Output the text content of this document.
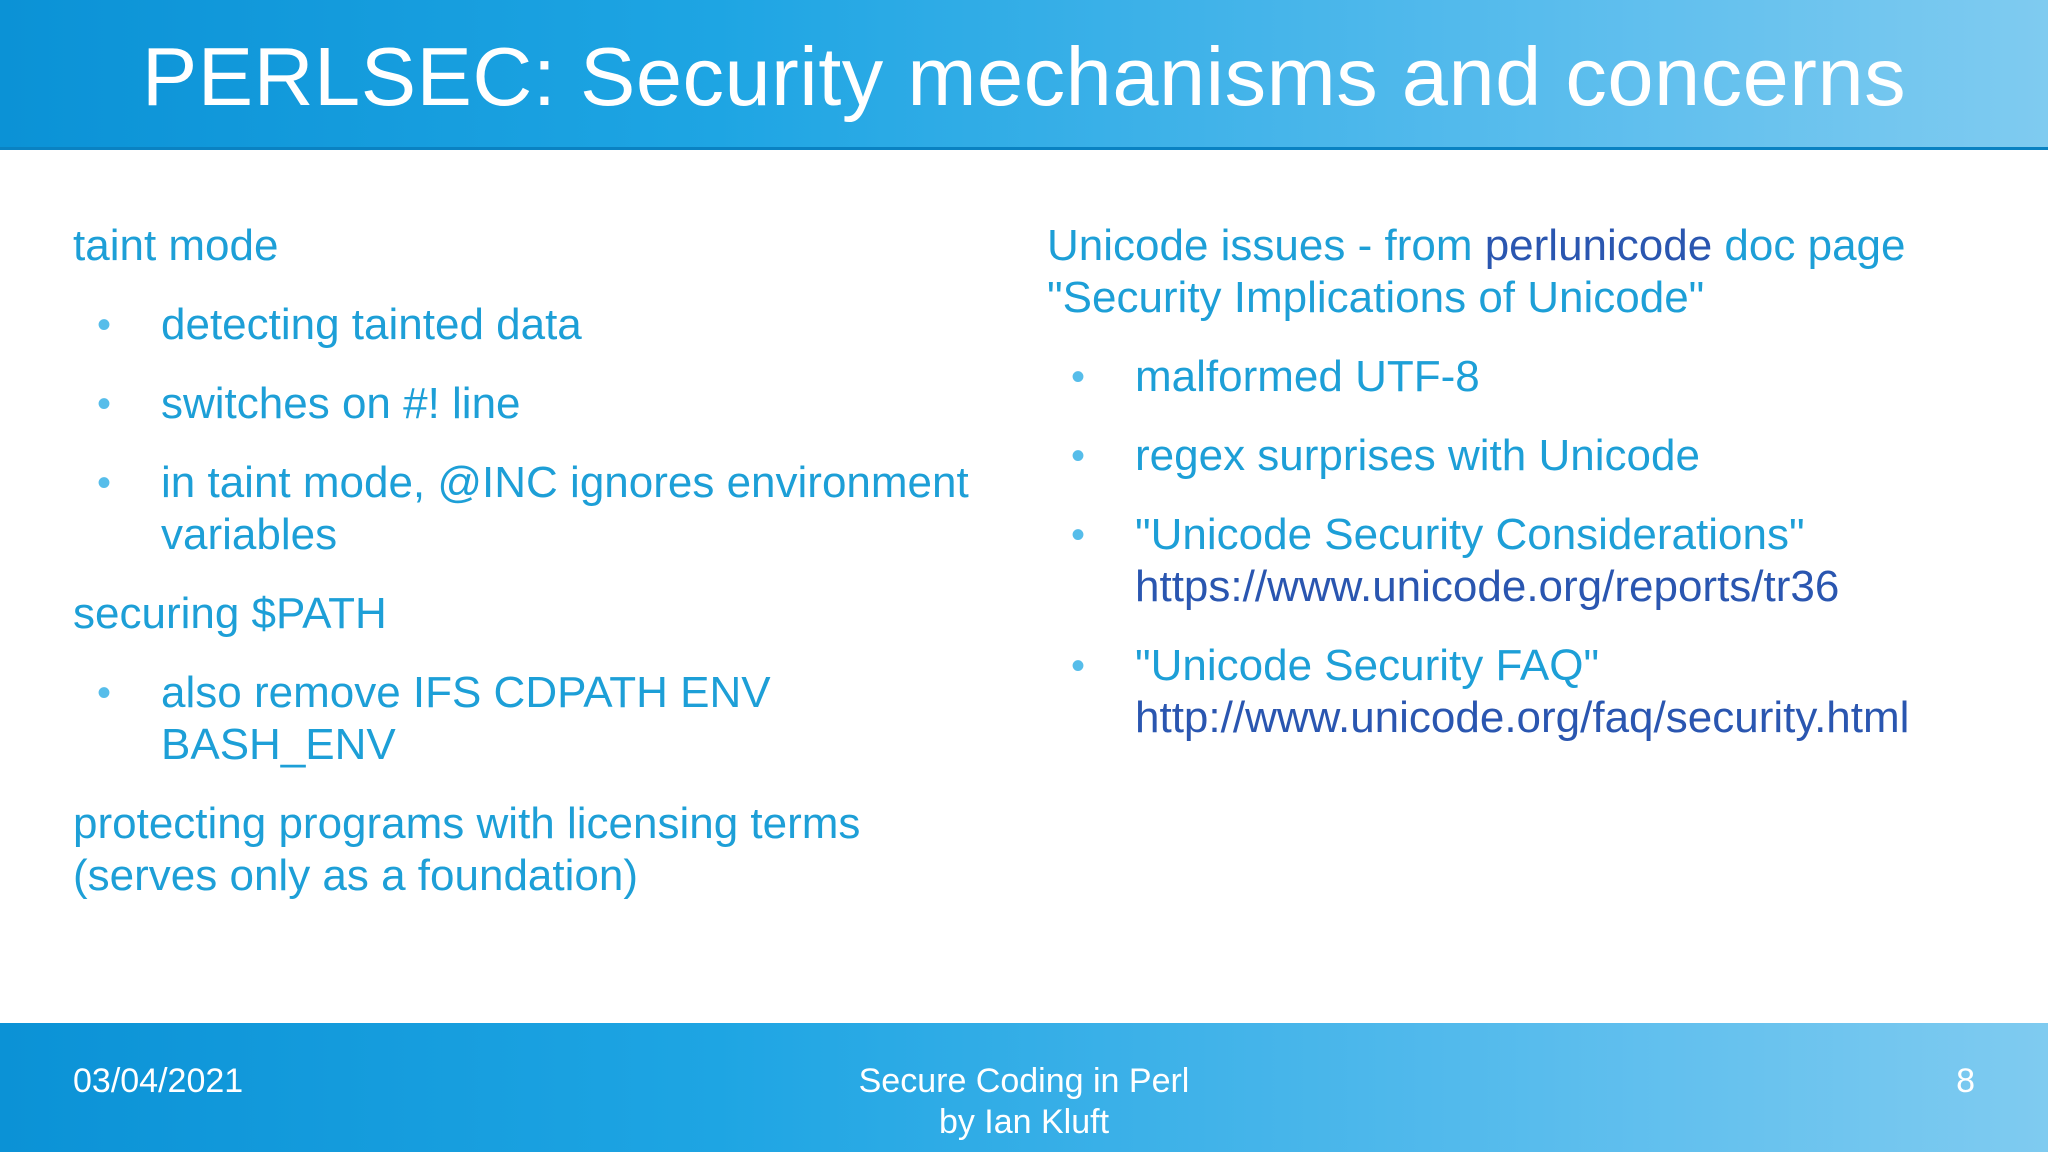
PERLSEC: Security mechanisms and concerns

taint mode

• detecting tainted data
• switches on #! line
• in taint mode, @INC ignores environment variables

securing $PATH

• also remove IFS CDPATH ENV BASH_ENV

protecting programs with licensing terms (serves only as a foundation)

Unicode issues - from perlunicode doc page
"Security Implications of Unicode"

• malformed UTF-8
• regex surprises with Unicode
• "Unicode Security Considerations"
https://www.unicode.org/reports/tr36
• "Unicode Security FAQ"
http://www.unicode.org/faq/security.html
03/04/2021	Secure Coding in Perl
by Ian Kluft
8
